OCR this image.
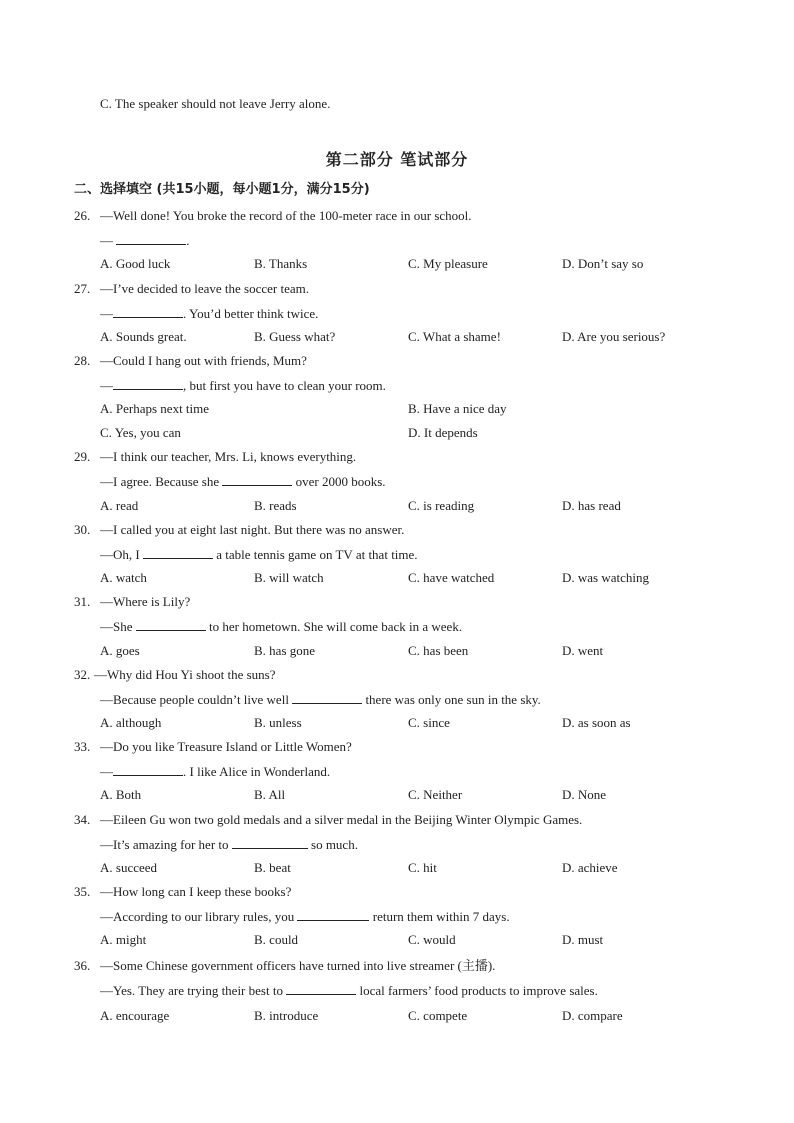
C. The speaker should not leave Jerry alone.
第二部分 笔试部分
二、选择填空 (共15小题，每小题1分，满分15分)
26. —Well done! You broke the record of the 100-meter race in our school.
—	.
A. Good luck	B. Thanks	C. My pleasure	D. Don’t say so
27. —I’ve decided to leave the soccer team.
—	. You’d better think twice.
A. Sounds great.	B. Guess what?	C. What a shame!	D. Are you serious?
28. —Could I hang out with friends, Mum?
—	, but first you have to clean your room.
A. Perhaps next time	B. Have a nice day
C. Yes, you can	D. It depends
29. —I think our teacher, Mrs. Li, knows everything.
—I agree. Because she	over 2000 books.
A. read	B. reads	C. is reading	D. has read
30. —I called you at eight last night. But there was no answer.
—Oh, I	a table tennis game on TV at that time.
A. watch	B. will watch	C. have watched	D. was watching
31. —Where is Lily?
—She	to her hometown. She will come back in a week.
A. goes	B. has gone	C. has been	D. went
32. —Why did Hou Yi shoot the suns?
—Because people couldn’t live well	there was only one sun in the sky.
A. although	B. unless	C. since	D. as soon as
33. —Do you like Treasure Island or Little Women?
—	. I like Alice in Wonderland.
A. Both	B. All	C. Neither	D. None
34. —Eileen Gu won two gold medals and a silver medal in the Beijing Winter Olympic Games.
—It’s amazing for her to	so much.
A. succeed	B. beat	C. hit	D. achieve
35. —How long can I keep these books?
—According to our library rules, you	return them within 7 days.
A. might	B. could	C. would	D. must
36. —Some Chinese government officers have turned into live streamer (主播).
—Yes. They are trying their best to	local farmers’ food products to improve sales.
A. encourage	B. introduce	C. compete	D. compare
